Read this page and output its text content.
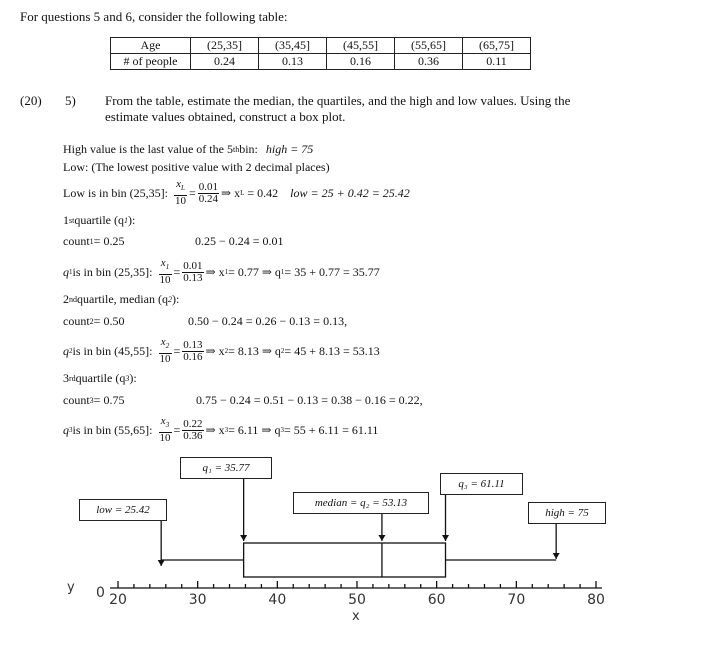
For questions 5 and 6, consider the following table:
Age	(25,35]	(35,45]	(45,55]	(55,65]	(65,75]
# of people	0.24	0.13	0.16	0.36	0.11
(20) 5) From the table, estimate the median, the quartiles, and the high and low values. Using the
estimate values obtained, construct a box plot.
High value is the last value of the 5 th bin: high = 75
Low: (The lowest positive value with 2 decimal places)
Low is in bin (25,35]: $\frac{x_L}{10} = \frac{0.01}{0.24}$ ⇒ x L = 0.42 low = 25 + 0.42 = 25.42
1 st quartile (q 1 ):
count 1 = 0.25	0.25 − 0.24 = 0.01
q 1 is in bin (25,35]: $\frac{x_1}{10} = \frac{0.01}{0.13}$ ⇒ x 1 = 0.77 ⇒ q 1 = 35 + 0.77 = 35.77
2 nd quartile, median (q 2 ):
count 2 = 0.50	0.50 − 0.24 = 0.26 − 0.13 = 0.13,
q 2 is in bin (45,55]: $\frac{x_2}{10} = \frac{0.13}{0.16}$ ⇒ x 2 = 8.13 ⇒ q 2 = 45 + 8.13 = 53.13
3 rd quartile (q 3 ):
count 3 = 0.75	0.75 − 0.24 = 0.51 − 0.13 = 0.38 − 0.16 = 0.22,
q 3 is in bin (55,65]: $\frac{x_3}{10} = \frac{0.22}{0.36}$ ⇒ x 3 = 6.11 ⇒ q 3 = 55 + 6.11 = 61.11
20	30	40	50	60	70	80
low = 25.42
q₁ = 35.77
median = q₂ = 53.13
q₃ = 61.11
high = 75
y 0
x
